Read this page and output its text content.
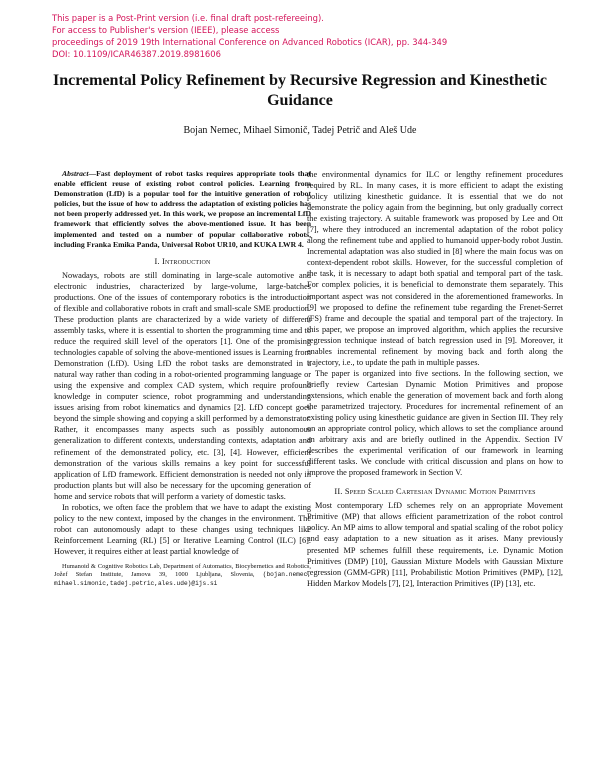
This paper is a Post-Print version (i.e. final draft post-refereeing).
For access to Publisher's version (IEEE), please access
proceedings of 2019 19th International Conference on Advanced Robotics (ICAR), pp. 344-349
DOI: 10.1109/ICAR46387.2019.8981606
Incremental Policy Refinement by Recursive Regression and Kinesthetic Guidance
Bojan Nemec, Mihael Simonič, Tadej Petrič and Aleš Ude

Abstract—Fast deployment of robot tasks requires appropriate tools that enable efficient reuse of existing robot control policies. Learning from Demonstration (LfD) is a popular tool for the intuitive generation of robot policies, but the issue of how to address the adaptation of existing policies has not been properly addressed yet. In this work, we propose an incremental LfD framework that efficiently solves the above-mentioned issue. It has been implemented and tested on a number of popular collaborative robots, including Franka Emika Panda, Universal Robot UR10, and KUKA LWR 4.

I. Introduction

Nowadays, robots are still dominating in large-scale automotive and electronic industries, characterized by large-volume, large-batches productions. One of the issues of contemporary robotics is the introduction of flexible and collaborative robots in craft and small-scale SME production. These production plants are characterized by a wide variety of different assembly tasks, where it is essential to shorten the programming time and to reduce the required skill level of the operators [1]. One of the promising technologies capable of solving the above-mentioned issues is Learning from Demonstration (LfD). Using LfD the robot tasks are demonstrated in a natural way rather than coding in a robot-oriented programming language or using the expensive and complex CAD system, which require profound knowledge in computer science, robot programming and understanding issues arising from robot kinematics and dynamics [2]. LfD concept goes beyond the simple showing and copying a skill performed by a demonstrator. Rather, it encompasses many aspects such as possibly autonomous generalization to different contexts, understanding contexts, adaptation and refinement of the demonstrated policy, etc. [3], [4]. However, efficient demonstration of the various skills remains a key point for successful application of LfD framework. Efficient demonstration is needed not only in production plants but will also be necessary for the upcoming generation of home and service robots that will perform a variety of domestic tasks.

In robotics, we often face the problem that we have to adapt the existing policy to the new context, imposed by the changes in the environment. The robot can autonomously adapt to these changes using techniques like Reinforcement Learning (RL) [5] or Iterative Learning Control (ILC) [6]. However, it requires either at least partial knowledge of

Humanoid & Cognitive Robotics Lab, Department of Automatics, Biocybernetics and Robotics, Jožef Stefan Institute, Jamova 39, 1000 Ljubljana, Slovenia, (bojan.nemec, mihael.simonic,tadej.petric,ales.ude)@ijs.si

the environmental dynamics for ILC or lengthy refinement procedures required by RL. In many cases, it is more efficient to adapt the existing policy utilizing kinesthetic guidance. It is essential that we do not demonstrate the policy again from the beginning, but only gradually correct the existing trajectory. A suitable framework was proposed by Lee and Ott [7], where they introduced an incremental adaptation of the robot policy along the refinement tube and applied to humanoid upper-body robot Justin. Incremental adaptation was also studied in [8] where the main focus was on context-dependent robot skills. However, for the successful completion of the task, it is necessary to adapt both spatial and temporal part of the task. For complex policies, it is beneficial to demonstrate them separately. This important aspect was not considered in the aforementioned frameworks. In [9] we proposed to define the refinement tube regarding the Frenet-Serret (FS) frame and decouple the spatial and temporal part of the trajectory. In this paper, we propose an improved algorithm, which applies the recursive regression technique instead of batch regression used in [9]. Moreover, it enables incremental refinement by moving back and forth along the trajectory, i.e., to update the path in multiple passes.

The paper is organized into five sections. In the following section, we briefly review Cartesian Dynamic Motion Primitives and propose extensions, which enable the generation of movement back and forth along the parametrized trajectory. Procedures for incremental refinement of an existing policy using kinesthetic guidance are given in Section III. They rely on an appropriate control policy, which allows to set the compliance around an arbitrary axis and are briefly outlined in the Appendix. Section IV describes the experimental verification of our framework in learning different tasks. We conclude with critical discussion and plans on how to improve the proposed framework in Section V.

II. Speed Scaled Cartesian Dynamic Motion Primitives

Most contemporary LfD schemes rely on an appropriate Movement Primitive (MP) that allows efficient parametrization of the robot control policy. An MP aims to allow temporal and spatial scaling of the robot policy and easy adaptation to a new situation as it arises. Many previously presented MP schemes fulfill these requirements, i.e. Dynamic Motion Primitives (DMP) [10], Gaussian Mixture Models with Gaussian Mixture regression (GMM-GPR) [11], Probabilistic Motion Primitives (PMP), [12], Hidden Markov Models [7], [2], Interaction Primitives (IP) [13], etc.
